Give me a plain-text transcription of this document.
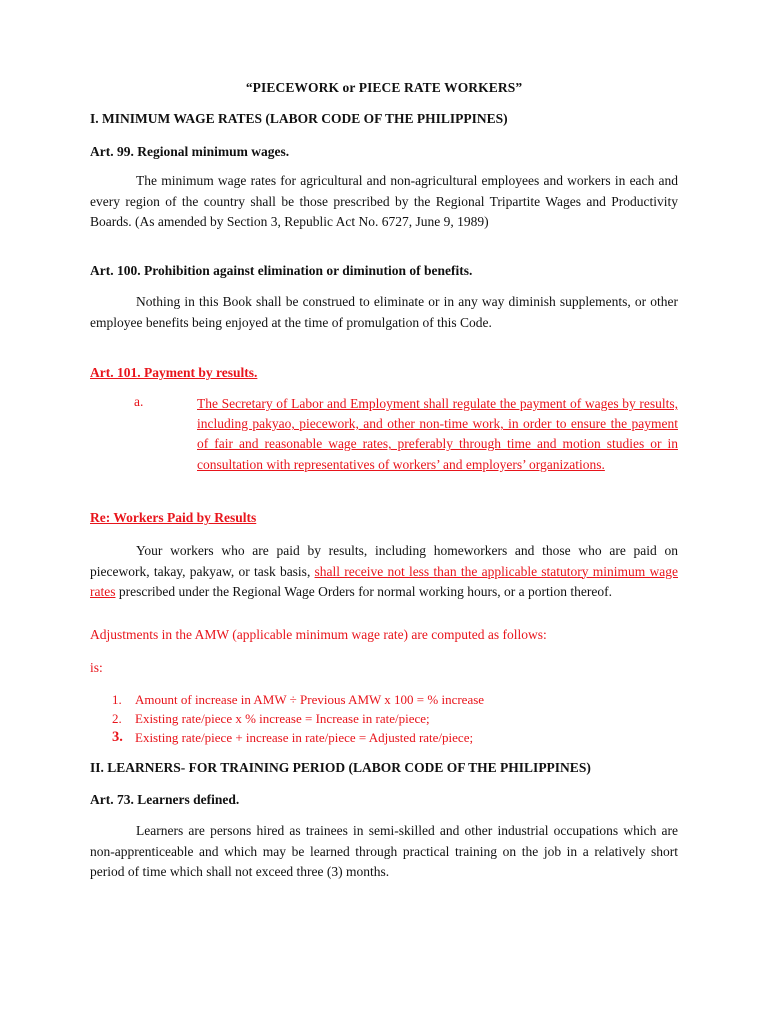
“PIECEWORK or PIECE RATE WORKERS”
I. MINIMUM WAGE RATES (LABOR CODE OF THE PHILIPPINES)
Art. 99. Regional minimum wages.
The minimum wage rates for agricultural and non-agricultural employees and workers in each and every region of the country shall be those prescribed by the Regional Tripartite Wages and Productivity Boards. (As amended by Section 3, Republic Act No. 6727, June 9, 1989)
Art. 100. Prohibition against elimination or diminution of benefits.
Nothing in this Book shall be construed to eliminate or in any way diminish supplements, or other employee benefits being enjoyed at the time of promulgation of this Code.
Art. 101. Payment by results.
a.	The Secretary of Labor and Employment shall regulate the payment of wages by results, including pakyao, piecework, and other non-time work, in order to ensure the payment of fair and reasonable wage rates, preferably through time and motion studies or in consultation with representatives of workers’ and employers’ organizations.
Re: Workers Paid by Results
Your workers who are paid by results, including homeworkers and those who are paid on piecework, takay, pakyaw, or task basis, shall receive not less than the applicable statutory minimum wage rates prescribed under the Regional Wage Orders for normal working hours, or a portion thereof.
Adjustments in the AMW (applicable minimum wage rate) are computed as follows:
is:
1.	Amount of increase in AMW ÷ Previous AMW x 100 = % increase
2.	Existing rate/piece x % increase = Increase in rate/piece;
3. Existing rate/piece + increase in rate/piece = Adjusted rate/piece;
II. LEARNERS- FOR TRAINING PERIOD (LABOR CODE OF THE PHILIPPINES)
Art. 73. Learners defined.
Learners are persons hired as trainees in semi-skilled and other industrial occupations which are non-apprenticeable and which may be learned through practical training on the job in a relatively short period of time which shall not exceed three (3) months.
